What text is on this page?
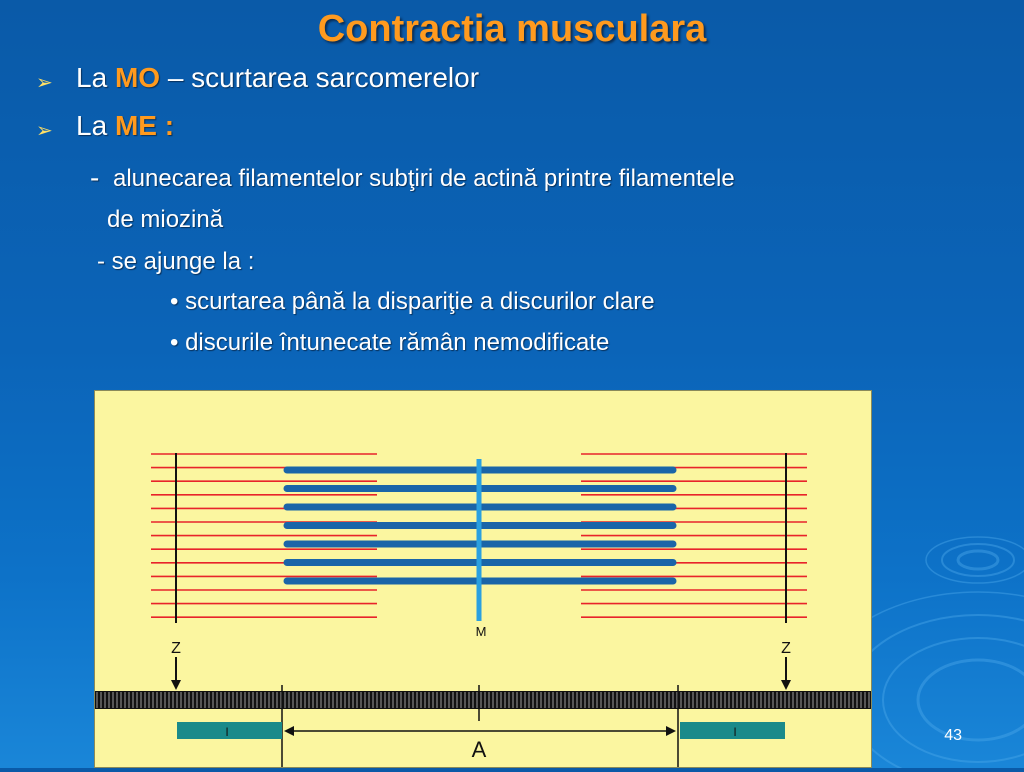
Contractia musculara
➢ La MO – scurtarea sarcomerelor
➢ La ME :
- alunecarea filamentelor subţiri de actină printre filamentele
de miozină
- se ajunge la :
• scurtarea până la dispariţie a discurilor clare
• discurile întunecate rămân nemodificate
Z	Z
M
I	I
A
43
